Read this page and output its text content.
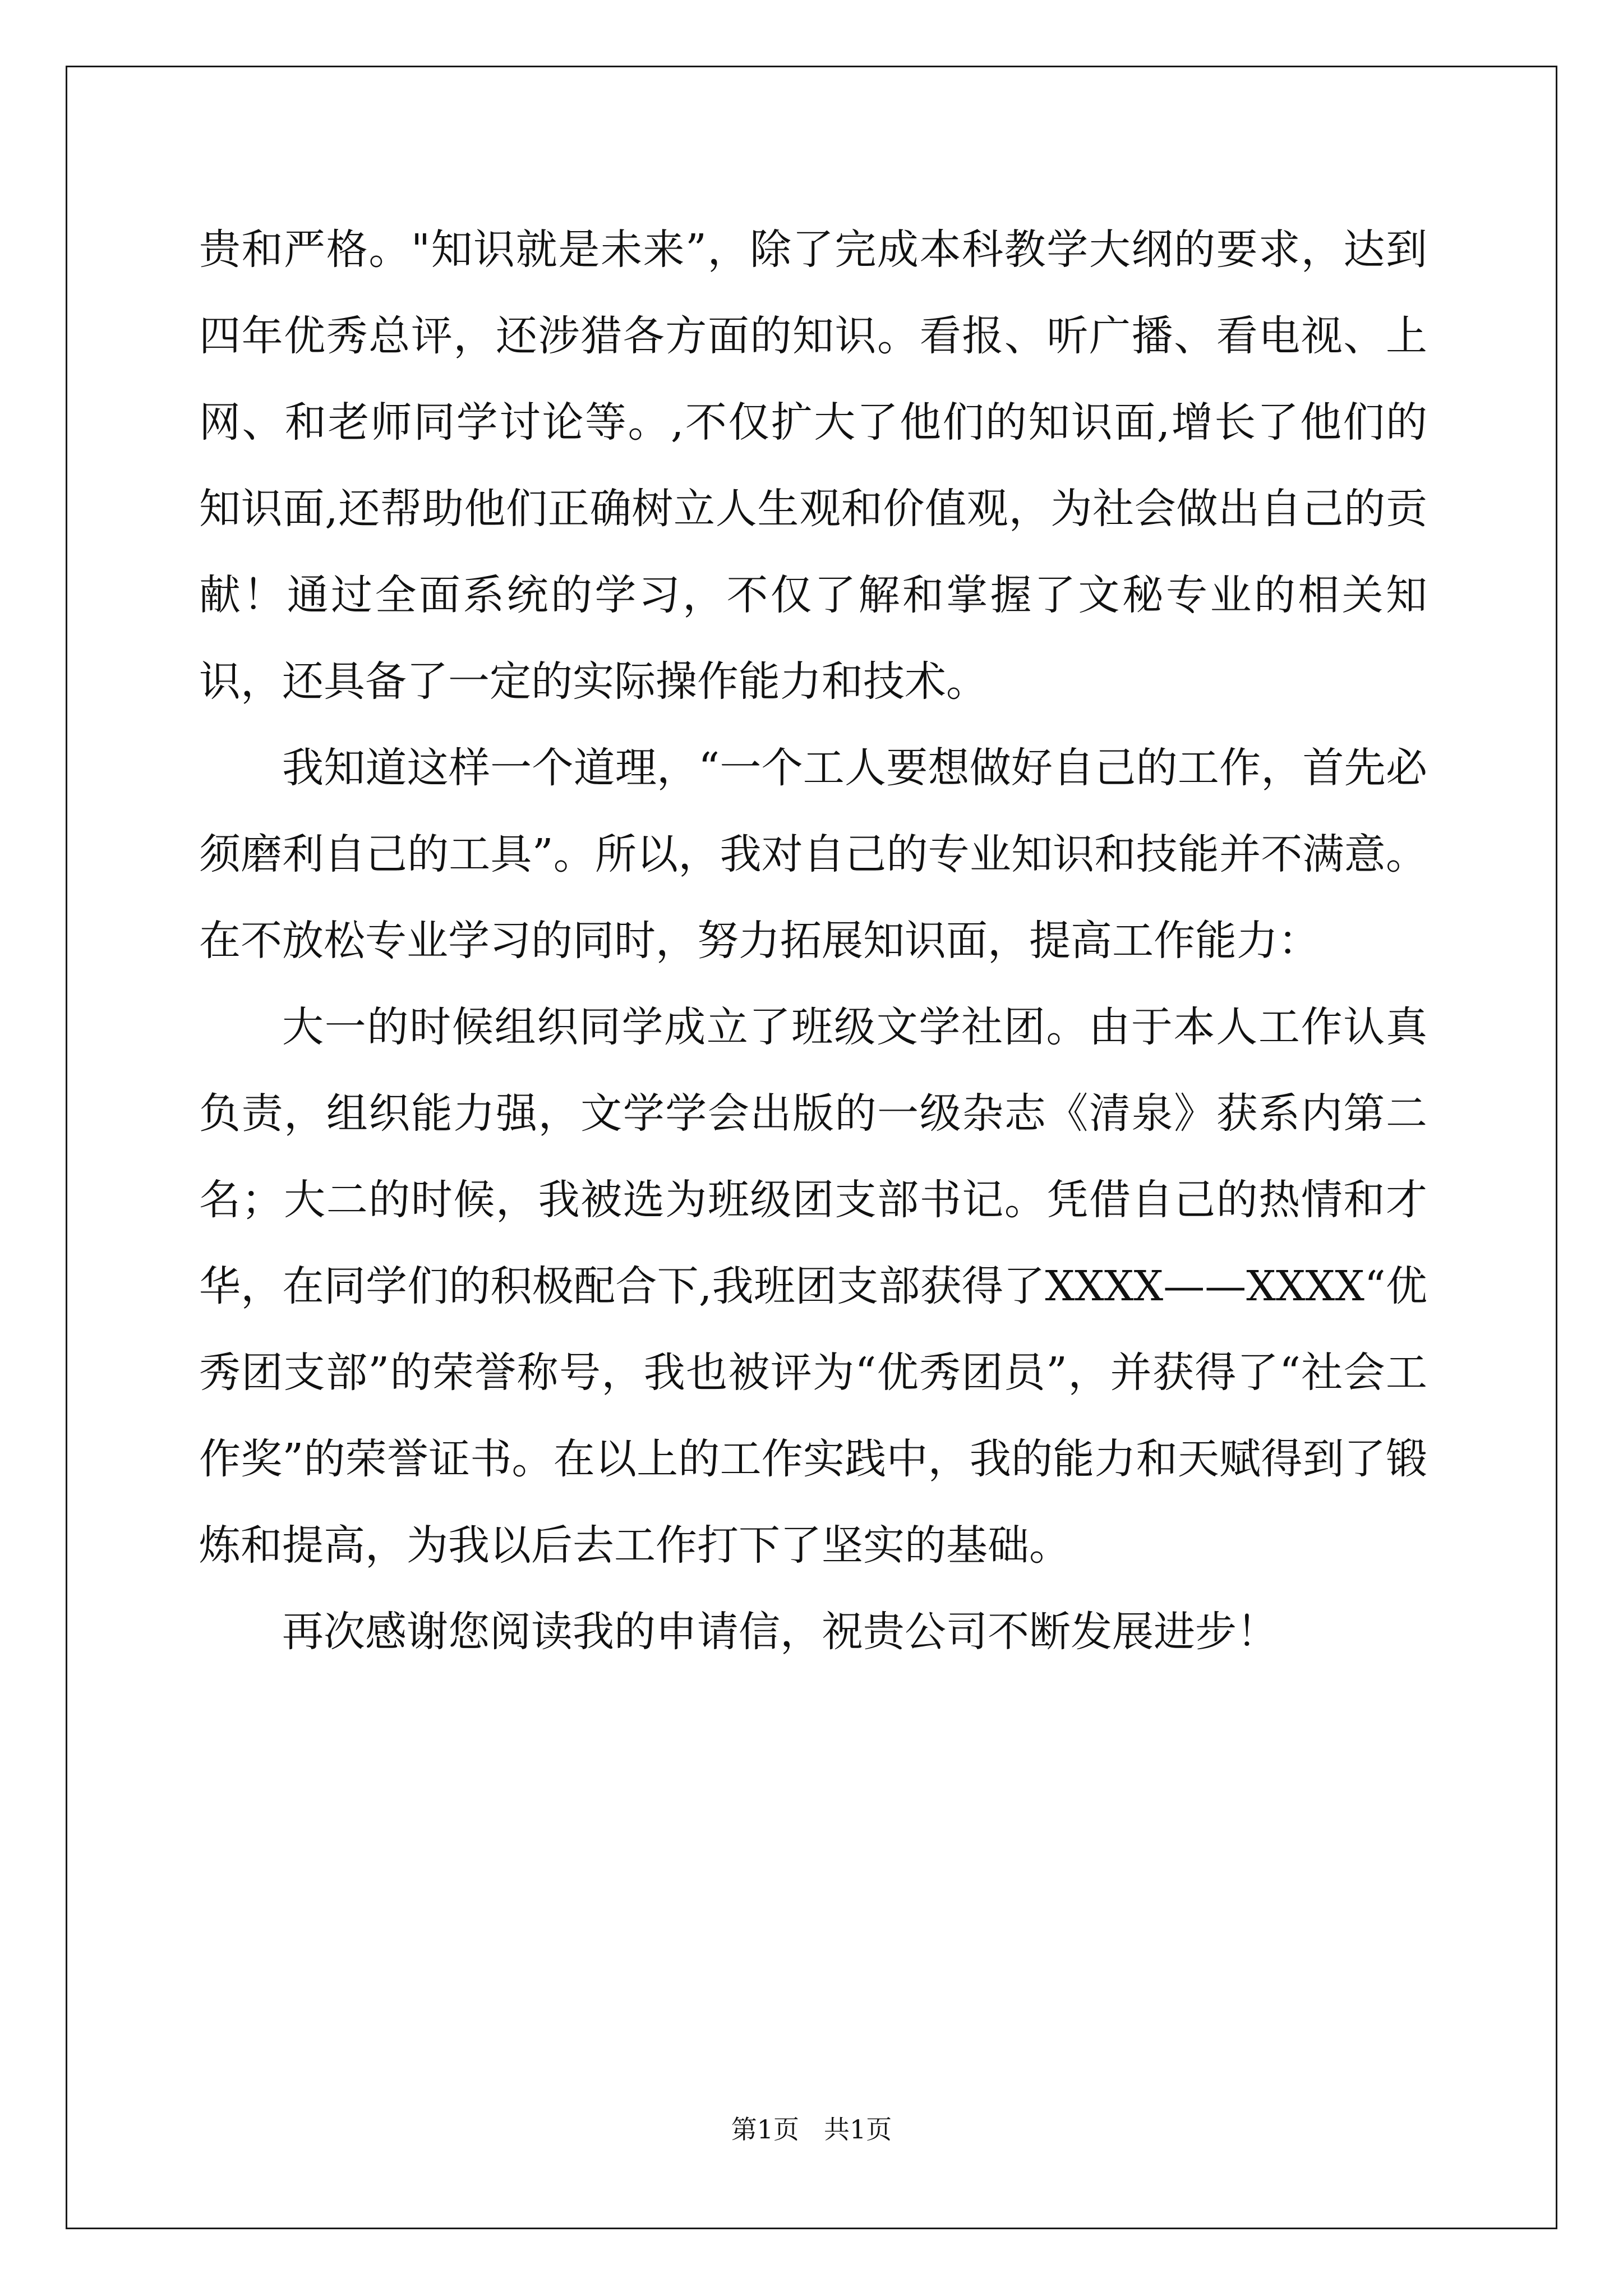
贵和严格。"知识就是未来”，除了完成本科教学大纲的要求，达到四年优秀总评，还涉猎各方面的知识。看报、听广播、看电视、上网、和老师同学讨论等。,不仅扩大了他们的知识面,增长了他们的知识面,还帮助他们正确树立人生观和价值观，为社会做出自己的贡献！通过全面系统的学习，不仅了解和掌握了文秘专业的相关知识，还具备了一定的实际操作能力和技术。

我知道这样一个道理，“一个工人要想做好自己的工作，首先必须磨利自己的工具”。所以，我对自己的专业知识和技能并不满意。在不放松专业学习的同时，努力拓展知识面，提高工作能力：

大一的时候组织同学成立了班级文学社团。由于本人工作认真负责，组织能力强，文学学会出版的一级杂志《清泉》获系内第二名；大二的时候，我被选为班级团支部书记。凭借自己的热情和才华，在同学们的积极配合下,我班团支部获得了XXXX——XXXX“优秀团支部”的荣誉称号，我也被评为“优秀团员”，并获得了“社会工作奖”的荣誉证书。在以上的工作实践中，我的能力和天赋得到了锻炼和提高，为我以后去工作打下了坚实的基础。

再次感谢您阅读我的申请信，祝贵公司不断发展进步！

第1页 共1页
